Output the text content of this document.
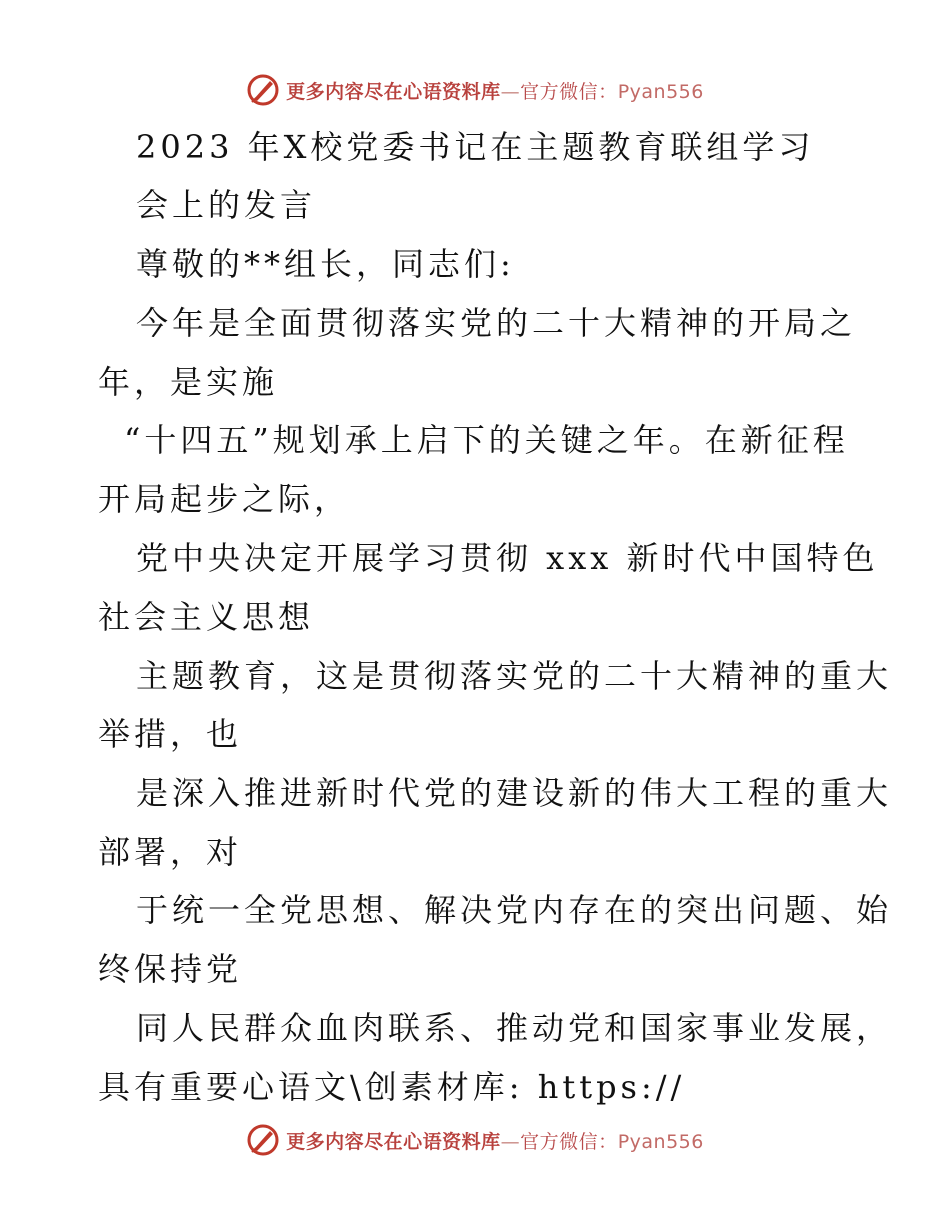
更多内容尽在心语资料库—官方微信：Pyan556
2023 年X校党委书记在主题教育联组学习
会上的发言
尊敬的**组长，同志们:
今年是全面贯彻落实党的二十大精神的开局之
年，是实施
“十四五”规划承上启下的关键之年。在新征程
开局起步之际，
党中央决定开展学习贯彻 xxx 新时代中国特色
社会主义思想
主题教育，这是贯彻落实党的二十大精神的重大
举措，也
是深入推进新时代党的建设新的伟大工程的重大
部署，对
于统一全党思想、解决党内存在的突出问题、始
终保持党
同人民群众血肉联系、推动党和国家事业发展，
具有重要心语文\创素材库: https://
更多内容尽在心语资料库—官方微信：Pyan556
